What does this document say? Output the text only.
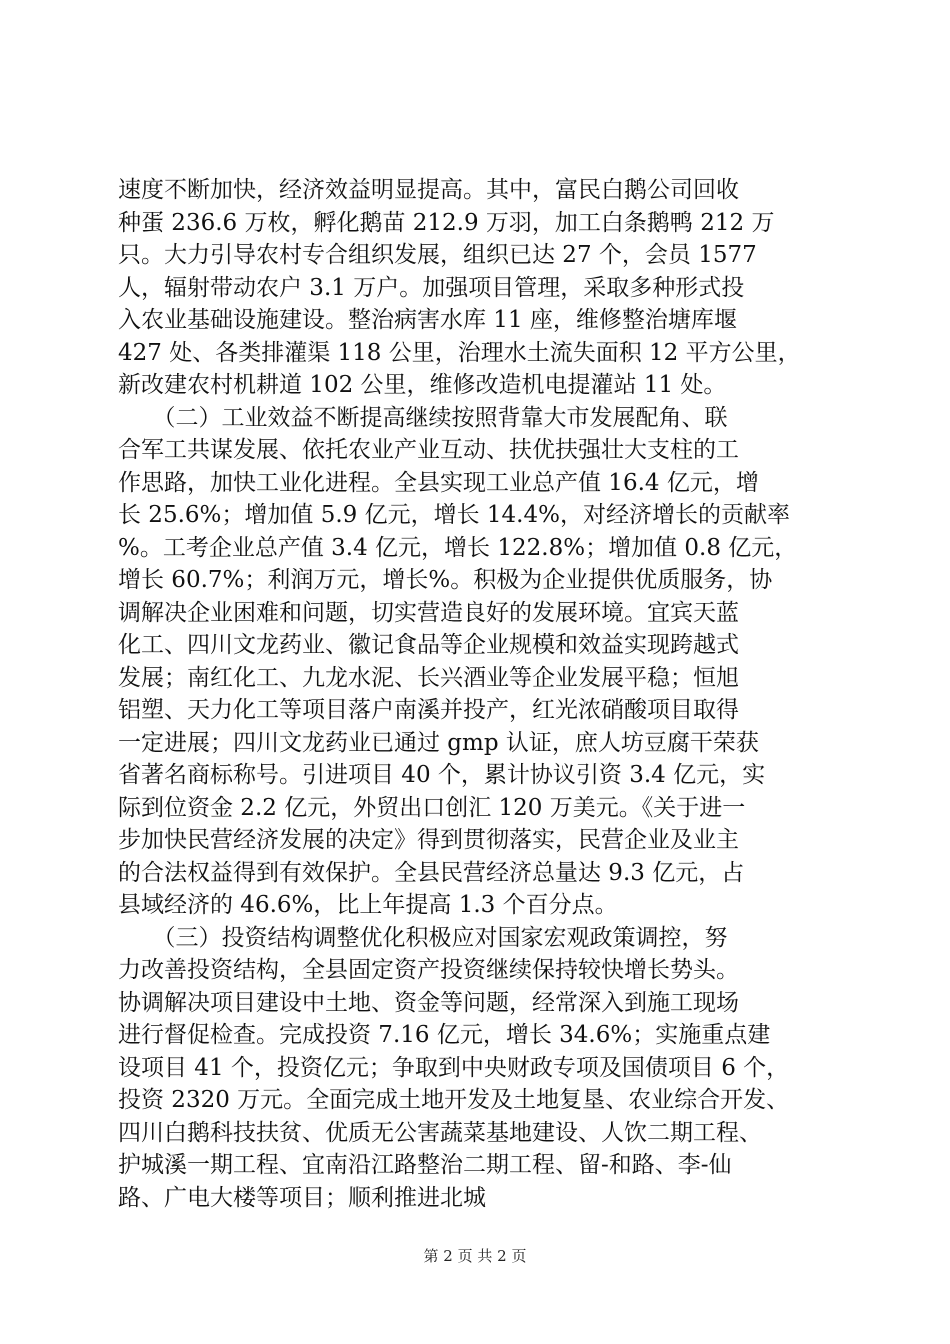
速度不断加快，经济效益明显提高。其中，富民白鹅公司回收
种蛋 236.6 万枚，孵化鹅苗 212.9 万羽，加工白条鹅鸭 212 万
只。大力引导农村专合组织发展，组织已达 27 个，会员 1577
人，辐射带动农户 3.1 万户。加强项目管理，采取多种形式投
入农业基础设施建设。整治病害水库 11 座，维修整治塘库堰
427 处、各类排灌渠 118 公里，治理水土流失面积 12 平方公里，
新改建农村机耕道 102 公里，维修改造机电提灌站 11 处。
　　（二）工业效益不断提高继续按照背靠大市发展配角、联
合军工共谋发展、依托农业产业互动、扶优扶强壮大支柱的工
作思路，加快工业化进程。全县实现工业总产值 16.4 亿元，增
长 25.6%；增加值 5.9 亿元，增长 14.4%，对经济增长的贡献率
%。工考企业总产值 3.4 亿元，增长 122.8%；增加值 0.8 亿元，
增长 60.7%；利润万元，增长%。积极为企业提供优质服务，协
调解决企业困难和问题，切实营造良好的发展环境。宜宾天蓝
化工、四川文龙药业、徽记食品等企业规模和效益实现跨越式
发展；南红化工、九龙水泥、长兴酒业等企业发展平稳；恒旭
铝塑、天力化工等项目落户南溪并投产，红光浓硝酸项目取得
一定进展；四川文龙药业已通过 gmp 认证，庶人坊豆腐干荣获
省著名商标称号。引进项目 40 个，累计协议引资 3.4 亿元，实
际到位资金 2.2 亿元，外贸出口创汇 120 万美元。《关于进一
步加快民营经济发展的决定》得到贯彻落实，民营企业及业主
的合法权益得到有效保护。全县民营经济总量达 9.3 亿元，占
县域经济的 46.6%，比上年提高 1.3 个百分点。
　　（三）投资结构调整优化积极应对国家宏观政策调控，努
力改善投资结构，全县固定资产投资继续保持较快增长势头。
协调解决项目建设中土地、资金等问题，经常深入到施工现场
进行督促检查。完成投资 7.16 亿元，增长 34.6%；实施重点建
设项目 41 个，投资亿元；争取到中央财政专项及国债项目 6 个，
投资 2320 万元。全面完成土地开发及土地复垦、农业综合开发、
四川白鹅科技扶贫、优质无公害蔬菜基地建设、人饮二期工程、
护城溪一期工程、宜南沿江路整治二期工程、留-和路、李-仙
路、广电大楼等项目；顺利推进北城
第 2 页 共 2 页
